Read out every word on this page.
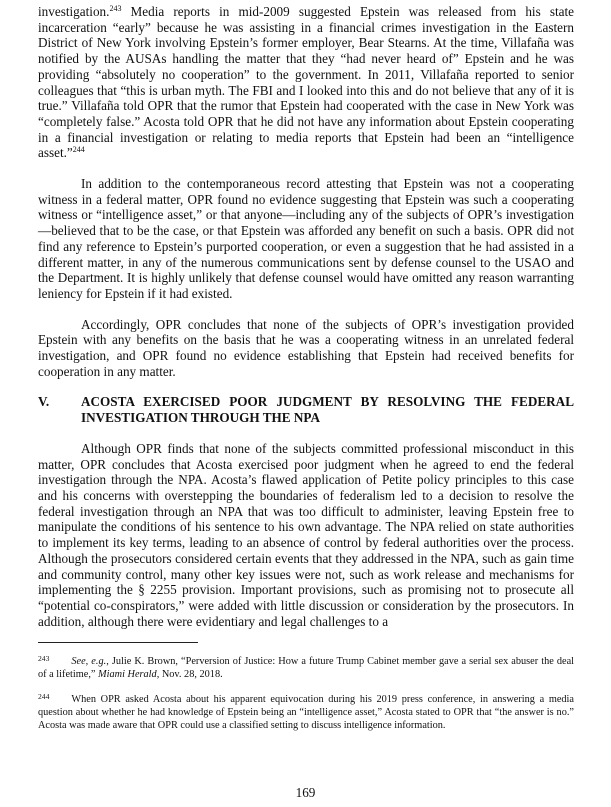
investigation.$^{243}$ Media reports in mid-2009 suggested Epstein was released from his state incarceration “early” because he was assisting in a financial crimes investigation in the Eastern District of New York involving Epstein’s former employer, Bear Stearns. At the time, Villafaña was notified by the AUSAs handling the matter that they “had never heard of” Epstein and he was providing “absolutely no cooperation” to the government. In 2011, Villafaña reported to senior colleagues that “this is urban myth. The FBI and I looked into this and do not believe that any of it is true.” Villafaña told OPR that the rumor that Epstein had cooperated with the case in New York was “completely false.” Acosta told OPR that he did not have any information about Epstein cooperating in a financial investigation or relating to media reports that Epstein had been an “intelligence asset.”$^{244}$

In addition to the contemporaneous record attesting that Epstein was not a cooperating witness in a federal matter, OPR found no evidence suggesting that Epstein was such a cooperating witness or “intelligence asset,” or that anyone—including any of the subjects of OPR’s investigation—believed that to be the case, or that Epstein was afforded any benefit on such a basis. OPR did not find any reference to Epstein’s purported cooperation, or even a suggestion that he had assisted in a different matter, in any of the numerous communications sent by defense counsel to the USAO and the Department. It is highly unlikely that defense counsel would have omitted any reason warranting leniency for Epstein if it had existed.

Accordingly, OPR concludes that none of the subjects of OPR’s investigation provided Epstein with any benefits on the basis that he was a cooperating witness in an unrelated federal investigation, and OPR found no evidence establishing that Epstein had received benefits for cooperation in any matter.

V.	ACOSTA EXERCISED POOR JUDGMENT BY RESOLVING THE FEDERAL INVESTIGATION THROUGH THE NPA

Although OPR finds that none of the subjects committed professional misconduct in this matter, OPR concludes that Acosta exercised poor judgment when he agreed to end the federal investigation through the NPA. Acosta’s flawed application of Petite policy principles to this case and his concerns with overstepping the boundaries of federalism led to a decision to resolve the federal investigation through an NPA that was too difficult to administer, leaving Epstein free to manipulate the conditions of his sentence to his own advantage. The NPA relied on state authorities to implement its key terms, leading to an absence of control by federal authorities over the process. Although the prosecutors considered certain events that they addressed in the NPA, such as gain time and community control, many other key issues were not, such as work release and mechanisms for implementing the § 2255 provision. Important provisions, such as promising not to prosecute all “potential co-conspirators,” were added with little discussion or consideration by the prosecutors. In addition, although there were evidentiary and legal challenges to a

$^{243}$ See, e.g., Julie K. Brown, “Perversion of Justice: How a future Trump Cabinet member gave a serial sex abuser the deal of a lifetime,” Miami Herald, Nov. 28, 2018.

$^{244}$ When OPR asked Acosta about his apparent equivocation during his 2019 press conference, in answering a media question about whether he had knowledge of Epstein being an “intelligence asset,” Acosta stated to OPR that “the answer is no.” Acosta was made aware that OPR could use a classified setting to discuss intelligence information.

169
